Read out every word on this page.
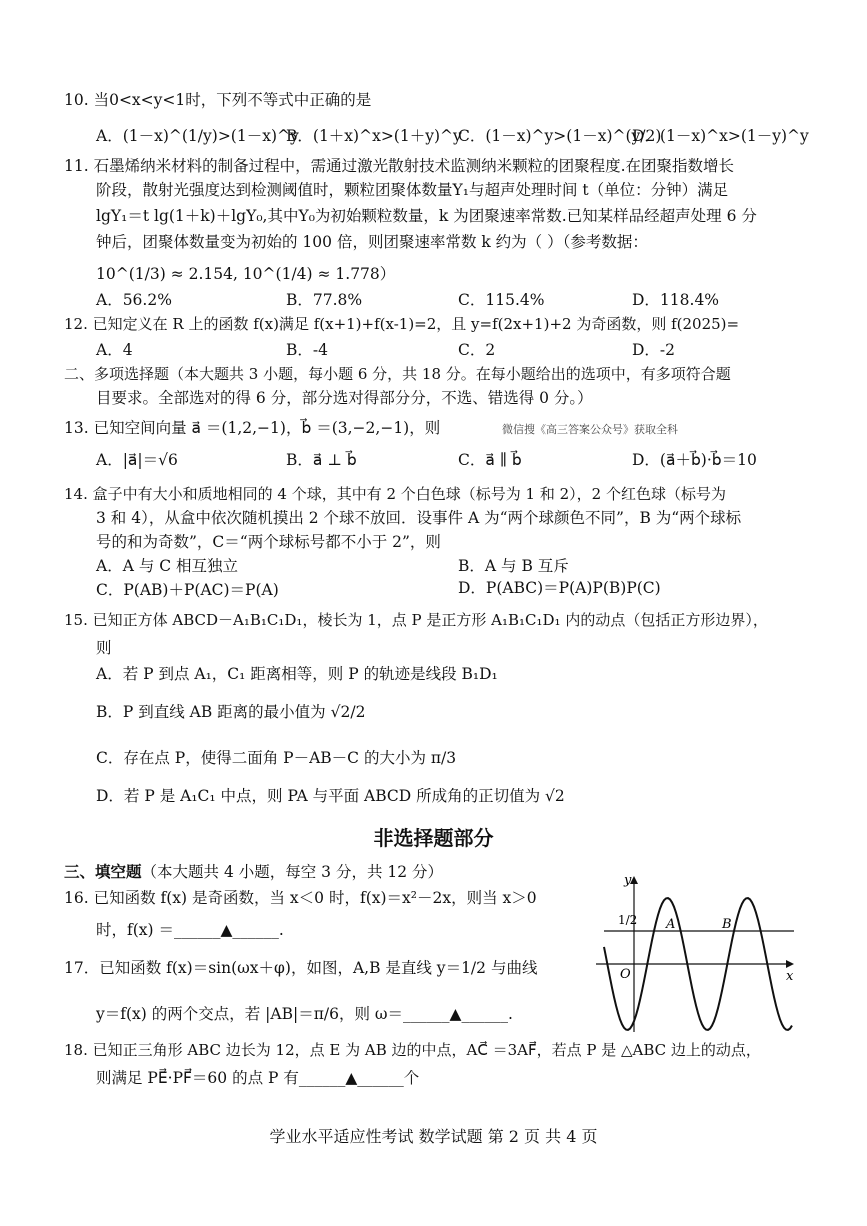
10. 当0<x<y<1时，下列不等式中正确的是
A．(1－x)^(1/y)>(1－x)^y
B．(1＋x)^x>(1＋y)^y
C．(1－x)^y>(1－x)^(y/2)
D．(1－x)^x>(1－y)^y
11. 石墨烯纳米材料的制备过程中，需通过激光散射技术监测纳米颗粒的团聚程度.在团聚指数增长
阶段，散射光强度达到检测阈值时，颗粒团聚体数量Y₁与超声处理时间 t（单位：分钟）满足
lgY₁＝t lg(1＋k)＋lgY₀,其中Y₀为初始颗粒数量，k 为团聚速率常数.已知某样品经超声处理 6 分
钟后，团聚体数量变为初始的 100 倍，则团聚速率常数 k 约为（ ）（参考数据：
10^(1/3) ≈ 2.154, 10^(1/4) ≈ 1.778）
A．56.2%	B．77.8%	C．115.4%	D．118.4%
12. 已知定义在 R 上的函数 f(x)满足 f(x+1)+f(x-1)=2，且 y=f(2x+1)+2 为奇函数，则 f(2025)=
A．4	B．-4	C．2	D．-2
二、多项选择题（本大题共 3 小题，每小题 6 分，共 18 分。在每小题给出的选项中，有多项符合题
目要求。全部选对的得 6 分，部分选对得部分分，不选、错选得 0 分。）
13. 已知空间向量 a⃗ ＝(1,2,−1)，b⃗ ＝(3,−2,−1)，则	微信搜《高三答案公众号》获取全科
A．|a⃗|＝√6	B．a⃗ ⊥ b⃗	C．a⃗ ∥ b⃗	D．(a⃗＋b⃗)·b⃗＝10
14. 盒子中有大小和质地相同的 4 个球，其中有 2 个白色球（标号为 1 和 2），2 个红色球（标号为
3 和 4），从盒中依次随机摸出 2 个球不放回．设事件 A 为“两个球颜色不同”，B 为“两个球标
号的和为奇数”，C＝“两个球标号都不小于 2”，则
A．A 与 C 相互独立	B．A 与 B 互斥
C．P(AB)＋P(AC)＝P(A)	D．P(ABC)＝P(A)P(B)P(C)
15. 已知正方体 ABCD－A₁B₁C₁D₁，棱长为 1，点 P 是正方形 A₁B₁C₁D₁ 内的动点（包括正方形边界），
则
A．若 P 到点 A₁，C₁ 距离相等，则 P 的轨迹是线段 B₁D₁
B．P 到直线 AB 距离的最小值为 √2/2
C．存在点 P，使得二面角 P－AB－C 的大小为 π/3
D．若 P 是 A₁C₁ 中点，则 PA 与平面 ABCD 所成角的正切值为 √2
非选择题部分
三、填空题（本大题共 4 小题，每空 3 分，共 12 分）
16. 已知函数 f(x) 是奇函数，当 x＜0 时，f(x)＝x²－2x，则当 x＞0
时，f(x) ＝______▲______.
17．已知函数 f(x)＝sin(ωx＋φ)，如图，A,B 是直线 y＝1/2 与曲线
y＝f(x) 的两个交点，若 |AB|＝π/6，则 ω＝______▲______.
y
x
O
1/2 A	B
18. 已知正三角形 ABC 边长为 12，点 E 为 AB 边的中点，AC⃗ ＝3AF⃗，若点 P 是 △ABC 边上的动点，
则满足 PE⃗·PF⃗＝60 的点 P 有______▲______个
学业水平适应性考试 数学试题 第 2 页 共 4 页
